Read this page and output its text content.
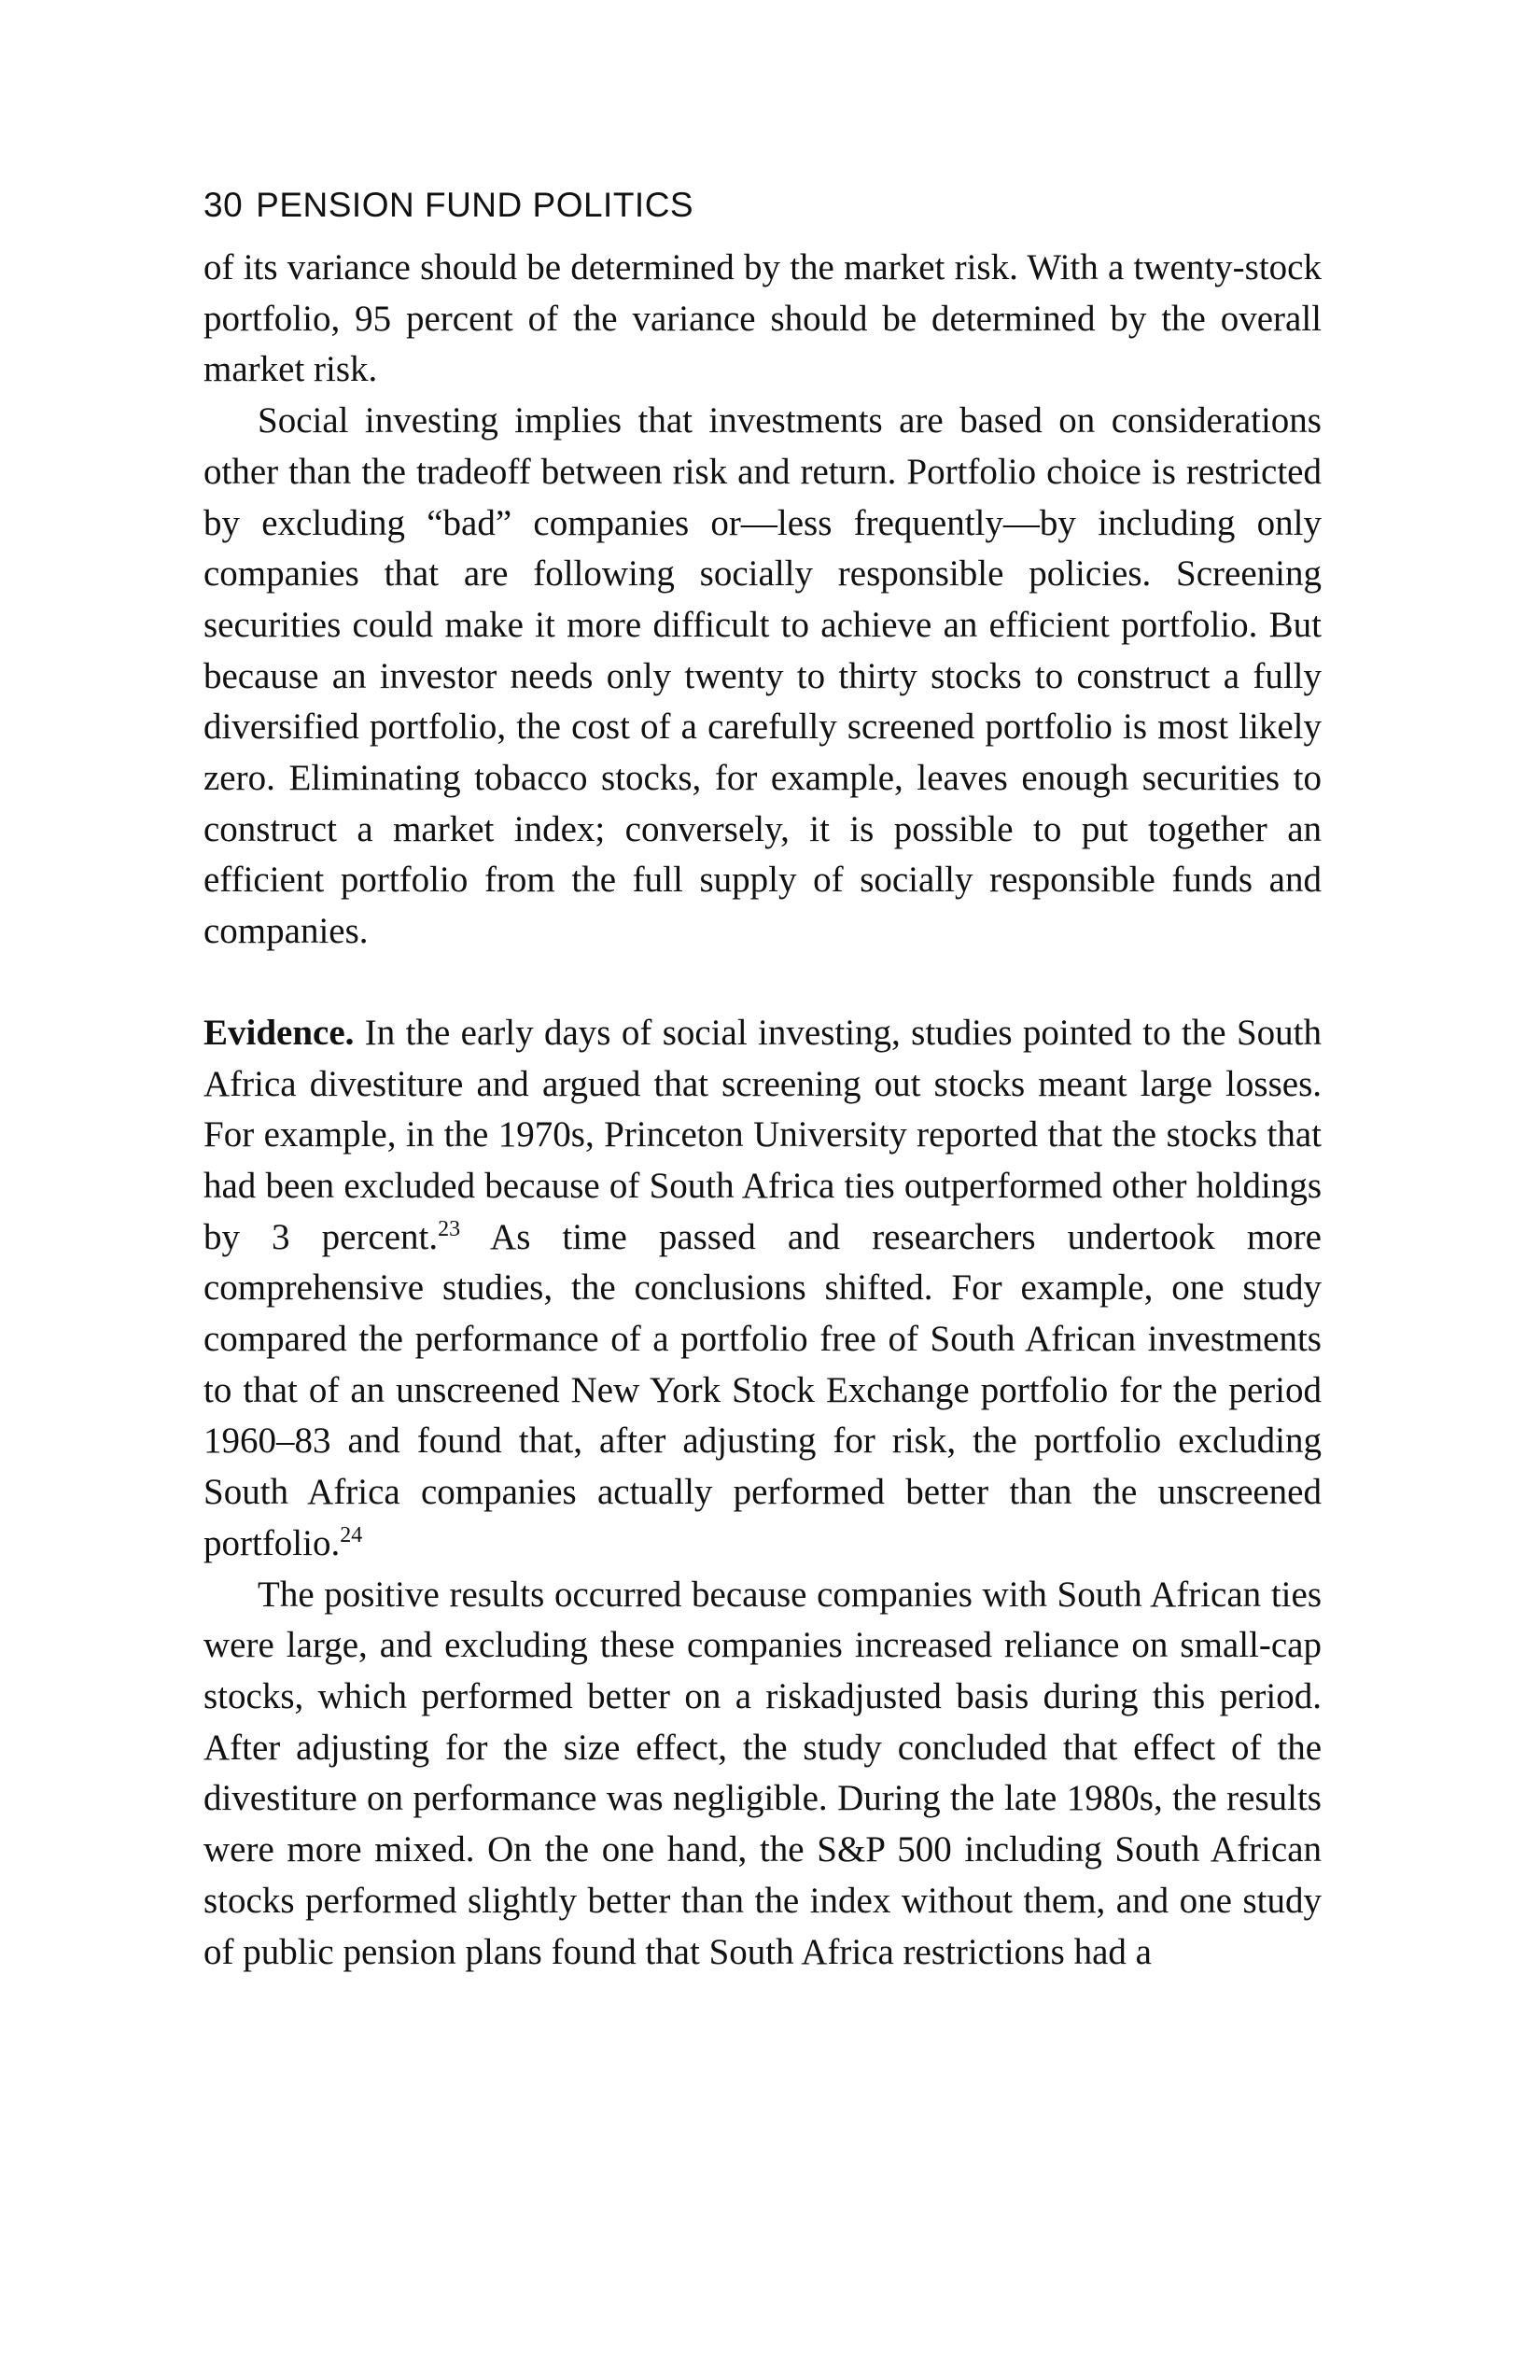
30 PENSION FUND POLITICS

of its variance should be determined by the market risk. With a twenty-stock portfolio, 95 percent of the variance should be determined by the overall market risk.

Social investing implies that investments are based on considerations other than the tradeoff between risk and return. Portfolio choice is restricted by excluding “bad” companies or—less frequently—by including only companies that are following socially responsible policies. Screening securities could make it more difficult to achieve an efficient portfolio. But because an investor needs only twenty to thirty stocks to construct a fully diversified portfolio, the cost of a carefully screened portfolio is most likely zero. Eliminating tobacco stocks, for example, leaves enough securities to construct a market index; conversely, it is possible to put together an efficient portfolio from the full supply of socially responsible funds and companies.

Evidence. In the early days of social investing, studies pointed to the South Africa divestiture and argued that screening out stocks meant large losses. For example, in the 1970s, Princeton University reported that the stocks that had been excluded because of South Africa ties outperformed other holdings by 3 percent.$^{23}$ As time passed and researchers undertook more comprehensive studies, the conclusions shifted. For example, one study compared the performance of a portfolio free of South African investments to that of an unscreened New York Stock Exchange portfolio for the period 1960–83 and found that, after adjusting for risk, the portfolio excluding South Africa companies actually performed better than the unscreened portfolio.$^{24}$

The positive results occurred because companies with South African ties were large, and excluding these companies increased reliance on small-cap stocks, which performed better on a riskadjusted basis during this period. After adjusting for the size effect, the study concluded that effect of the divestiture on performance was negligible. During the late 1980s, the results were more mixed. On the one hand, the S&P 500 including South African stocks performed slightly better than the index without them, and one study of public pension plans found that South Africa restrictions had a
